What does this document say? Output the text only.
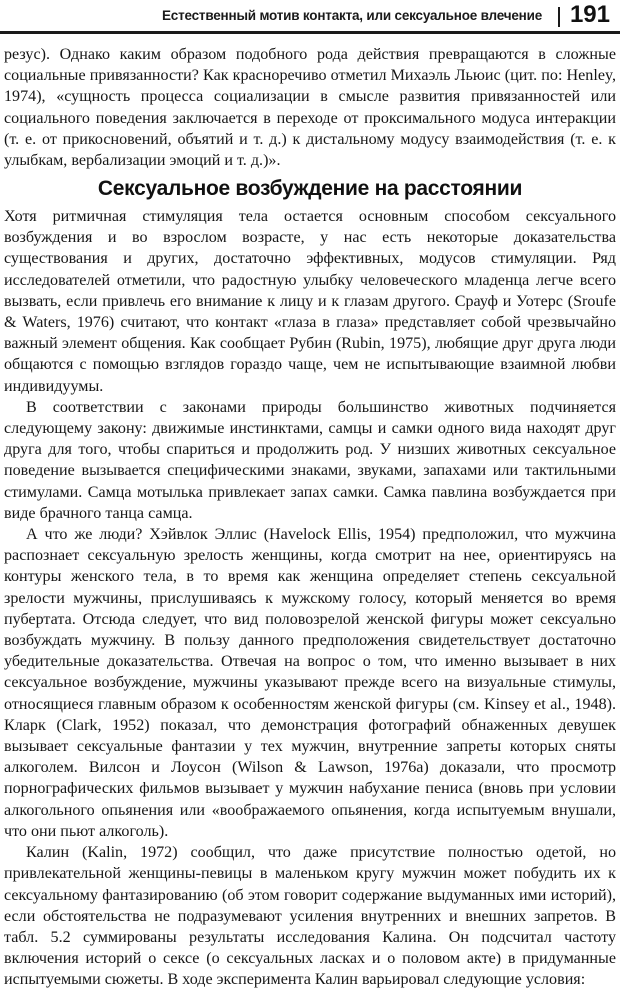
Естественный мотив контакта, или сексуальное влечение 191

резус). Однако каким образом подобного рода действия превращаются в сложные социальные привязанности? Как красноречиво отметил Михаэль Льюис (цит. по: Henley, 1974), «сущность процесса социализации в смысле развития привязанностей или социального поведения заключается в переходе от проксимального модуса интеракции (т. е. от прикосновений, объятий и т. д.) к дистальному модусу взаимодействия (т. е. к улыбкам, вербализации эмоций и т. д.)».

Сексуальное возбуждение на расстоянии

Хотя ритмичная стимуляция тела остается основным способом сексуального возбуждения и во взрослом возрасте, у нас есть некоторые доказательства существования и других, достаточно эффективных, модусов стимуляции. Ряд исследователей отметили, что радостную улыбку человеческого младенца легче всего вызвать, если привлечь его внимание к лицу и к глазам другого. Срауф и Уотерс (Sroufe & Waters, 1976) считают, что контакт «глаза в глаза» представляет собой чрезвычайно важный элемент общения. Как сообщает Рубин (Rubin, 1975), любящие друг друга люди общаются с помощью взглядов гораздо чаще, чем не испытывающие взаимной любви индивидуумы.

В соответствии с законами природы большинство животных подчиняется следующему закону: движимые инстинктами, самцы и самки одного вида находят друг друга для того, чтобы спариться и продолжить род. У низших животных сексуальное поведение вызывается специфическими знаками, звуками, запахами или тактильными стимулами. Самца мотылька привлекает запах самки. Самка павлина возбуждается при виде брачного танца самца.

А что же люди? Хэйвлок Эллис (Havelock Ellis, 1954) предположил, что мужчина распознает сексуальную зрелость женщины, когда смотрит на нее, ориентируясь на контуры женского тела, в то время как женщина определяет степень сексуальной зрелости мужчины, прислушиваясь к мужскому голосу, который меняется во время пубертата. Отсюда следует, что вид половозрелой женской фигуры может сексуально возбуждать мужчину. В пользу данного предположения свидетельствует достаточно убедительные доказательства. Отвечая на вопрос о том, что именно вызывает в них сексуальное возбуждение, мужчины указывают прежде всего на визуальные стимулы, относящиеся главным образом к особенностям женской фигуры (см. Kinsey et al., 1948). Кларк (Clark, 1952) показал, что демонстрация фотографий обнаженных девушек вызывает сексуальные фантазии у тех мужчин, внутренние запреты которых сняты алкоголем. Вилсон и Лоусон (Wilson & Lawson, 1976a) доказали, что просмотр порнографических фильмов вызывает у мужчин набухание пениса (вновь при условии алкогольного опьянения или «воображаемого опьянения, когда испытуемым внушали, что они пьют алкоголь).

Калин (Kalin, 1972) сообщил, что даже присутствие полностью одетой, но привлекательной женщины-певицы в маленьком кругу мужчин может побудить их к сексуальному фантазированию (об этом говорит содержание выдуманных ими историй), если обстоятельства не подразумевают усиления внутренних и внешних запретов. В табл. 5.2 суммированы результаты исследования Калина. Он подсчитал частоту включения историй о сексе (о сексуальных ласках и о половом акте) в придуманные испытуемыми сюжеты. В ходе эксперимента Калин варьировал следующие условия:
